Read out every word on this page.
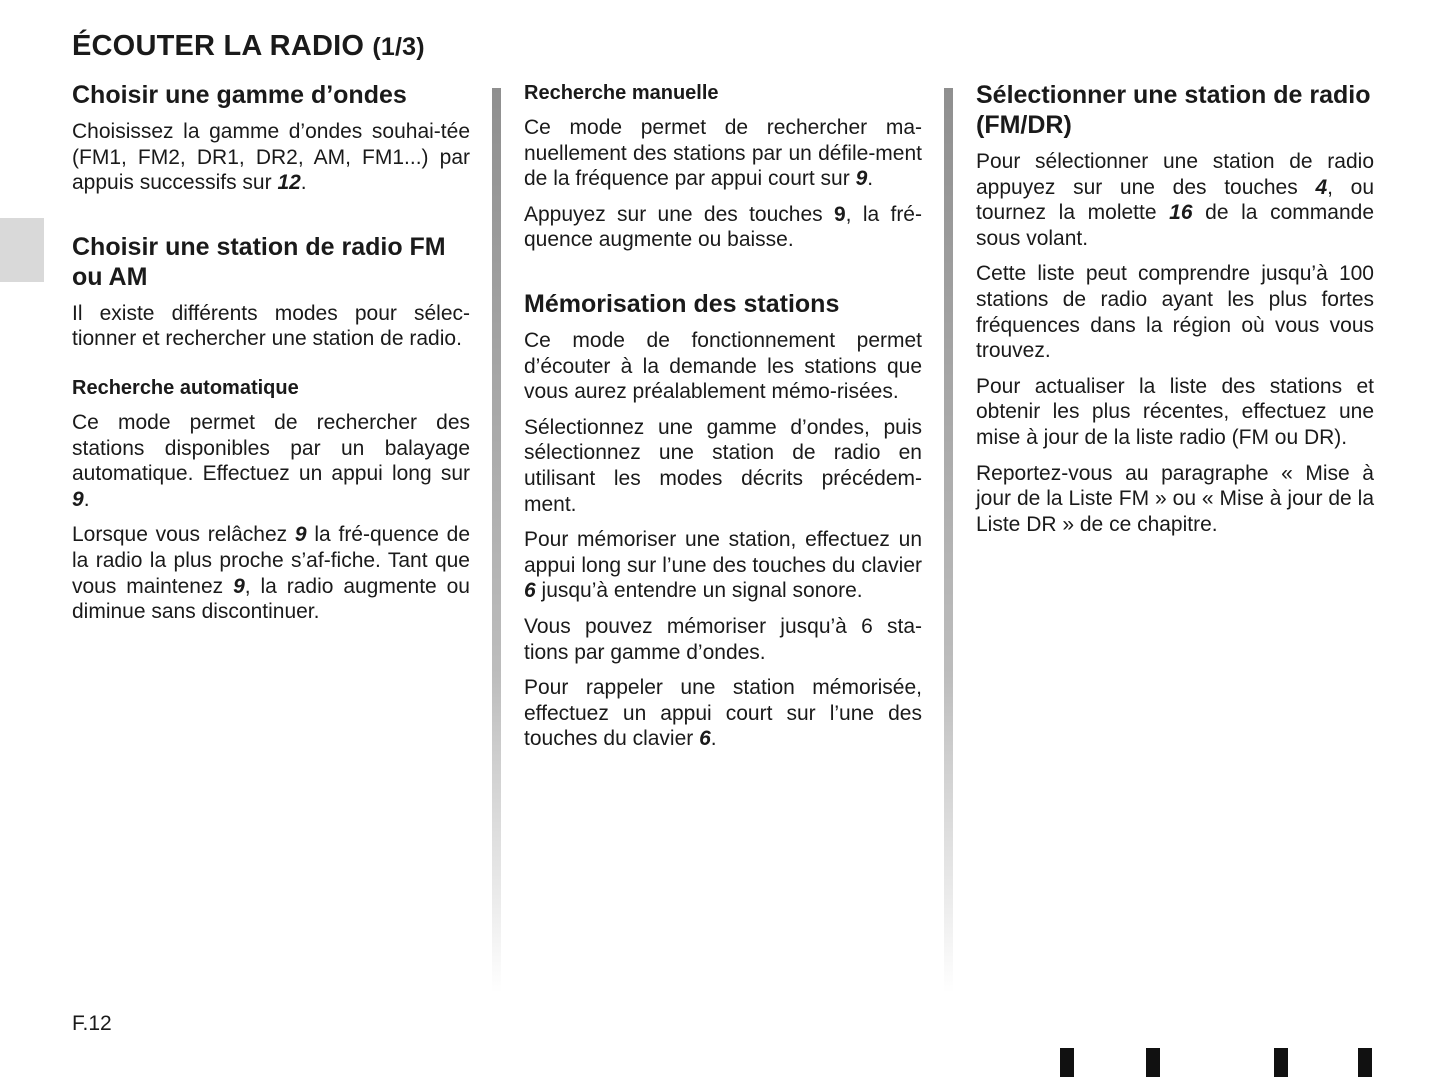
ÉCOUTER LA RADIO (1/3)
Choisir une gamme d’ondes

Choisissez la gamme d’ondes souhai-tée (FM1, FM2, DR1, DR2, AM, FM1...) par appuis successifs sur 12.

Choisir une station de radio FM ou AM

Il existe différents modes pour sélec-tionner et rechercher une station de radio.

Recherche automatique

Ce mode permet de rechercher des stations disponibles par un balayage automatique. Effectuez un appui long sur 9.

Lorsque vous relâchez 9 la fré-quence de la radio la plus proche s’af-fiche. Tant que vous maintenez 9, la radio augmente ou diminue sans discontinuer.

Recherche manuelle

Ce mode permet de rechercher ma-nuellement des stations par un défile-ment de la fréquence par appui court sur 9.

Appuyez sur une des touches 9, la fré-quence augmente ou baisse.

Mémorisation des stations

Ce mode de fonctionnement permet d’écouter à la demande les stations que vous aurez préalablement mémo-risées.

Sélectionnez une gamme d’ondes, puis sélectionnez une station de radio en utilisant les modes décrits précédem-ment.

Pour mémoriser une station, effectuez un appui long sur l’une des touches du clavier 6 jusqu’à entendre un signal sonore.

Vous pouvez mémoriser jusqu’à 6 sta-tions par gamme d’ondes.

Pour rappeler une station mémorisée, effectuez un appui court sur l’une des touches du clavier 6.

Sélectionner une station de radio (FM/DR)

Pour sélectionner une station de radio appuyez sur une des touches 4, ou tournez la molette 16 de la commande sous volant.

Cette liste peut comprendre jusqu’à 100 stations de radio ayant les plus fortes fréquences dans la région où vous vous trouvez.

Pour actualiser la liste des stations et obtenir les plus récentes, effectuez une mise à jour de la liste radio (FM ou DR).

Reportez-vous au paragraphe « Mise à jour de la Liste FM » ou « Mise à jour de la Liste DR » de ce chapitre.

F.12
